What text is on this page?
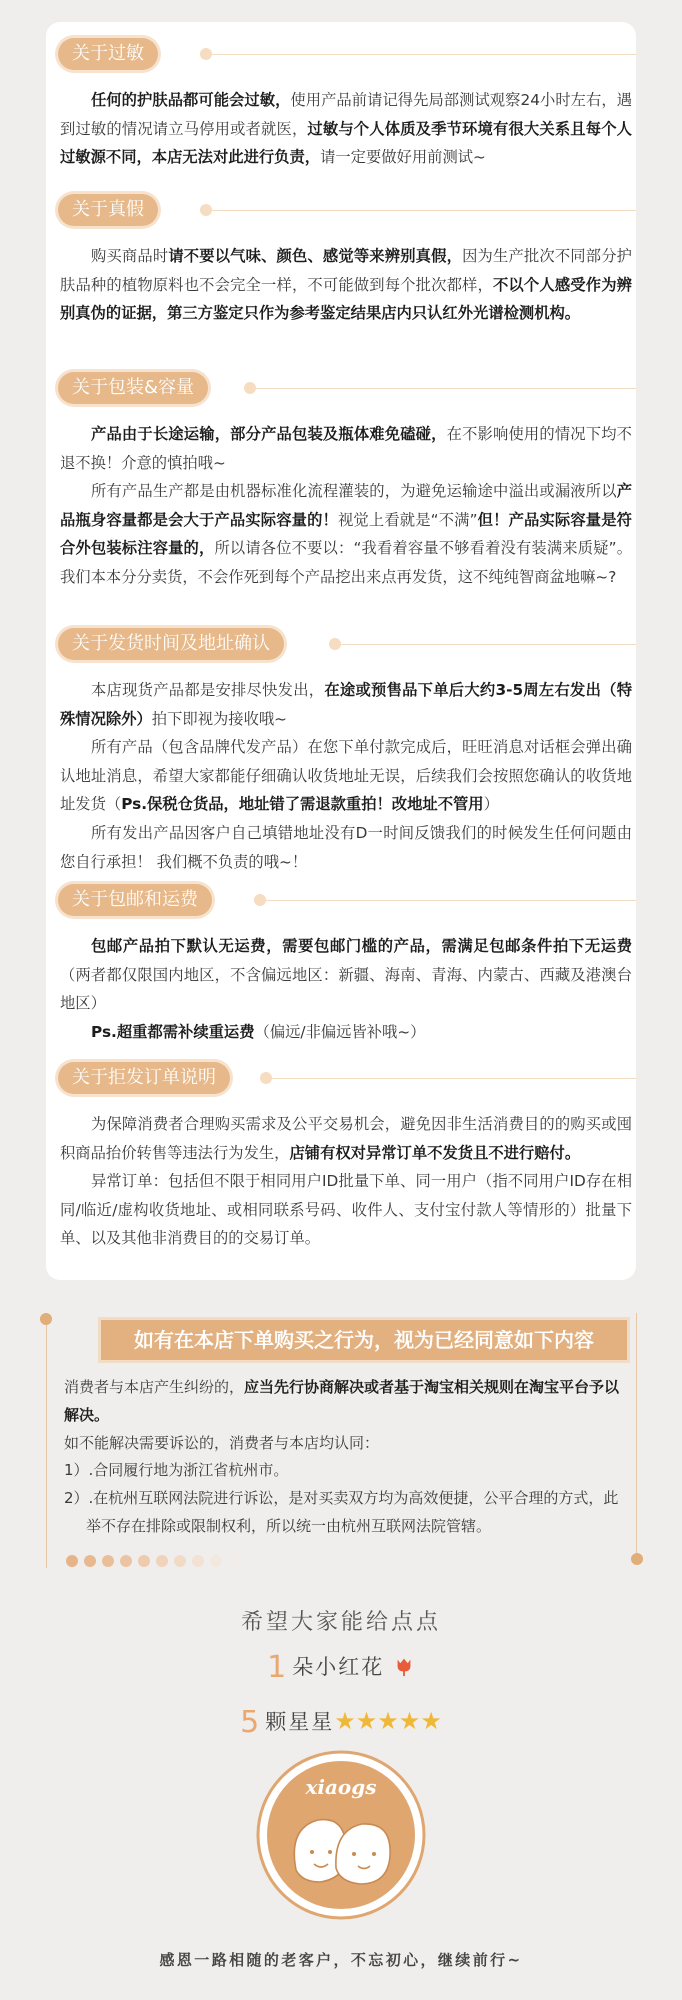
关于过敏

任何的护肤品都可能会过敏，使用产品前请记得先局部测试观察24小时左右，遇到过敏的情况请立马停用或者就医，过敏与个人体质及季节环境有很大关系且每个人过敏源不同，本店无法对此进行负责，请一定要做好用前测试~

关于真假

购买商品时请不要以气味、颜色、感觉等来辨别真假，因为生产批次不同部分护肤品种的植物原料也不会完全一样，不可能做到每个批次都样，不以个人感受作为辨别真伪的证据，第三方鉴定只作为参考鉴定结果店内只认红外光谱检测机构。

关于包装&容量

产品由于长途运输，部分产品包装及瓶体难免磕碰，在不影响使用的情况下均不退不换！介意的慎拍哦~

所有产品生产都是由机器标准化流程灌装的，为避免运输途中溢出或漏液所以产品瓶身容量都是会大于产品实际容量的！视觉上看就是“不满”但！产品实际容量是符合外包装标注容量的，所以请各位不要以：“我看着容量不够看着没有装满来质疑”。我们本本分分卖货，不会作死到每个产品挖出来点再发货，这不纯纯智商盆地嘛~?

关于发货时间及地址确认

本店现货产品都是安排尽快发出，在途或预售品下单后大约3-5周左右发出（特殊情况除外）拍下即视为接收哦~

所有产品（包含品牌代发产品）在您下单付款完成后，旺旺消息对话框会弹出确认地址消息，希望大家都能仔细确认收货地址无误，后续我们会按照您确认的收货地址发货（Ps.保税仓货品，地址错了需退款重拍！改地址不管用）

所有发出产品因客户自己填错地址没有D一时间反馈我们的时候发生任何问题由您自行承担！ 我们概不负责的哦~！

关于包邮和运费

包邮产品拍下默认无运费，需要包邮门槛的产品，需满足包邮条件拍下无运费（两者都仅限国内地区，不含偏远地区：新疆、海南、青海、内蒙古、西藏及港澳台地区）

Ps.超重都需补续重运费（偏远/非偏远皆补哦~）

关于拒发订单说明

为保障消费者合理购买需求及公平交易机会，避免因非生活消费目的的购买或囤积商品抬价转售等违法行为发生，店铺有权对异常订单不发货且不进行赔付。

异常订单：包括但不限于相同用户ID批量下单、同一用户（指不同用户ID存在相同/临近/虚构收货地址、或相同联系号码、收件人、支付宝付款人等情形的）批量下单、以及其他非消费目的的交易订单。

如有在本店下单购买之行为，视为已经同意如下内容

消费者与本店产生纠纷的，应当先行协商解决或者基于淘宝相关规则在淘宝平台予以解决。

如不能解决需要诉讼的，消费者与本店均认同：

1）.合同履行地为浙江省杭州市。

2）.在杭州互联网法院进行诉讼，是对买卖双方均为高效便捷，公平合理的方式，此举不存在排除或限制权利，所以统一由杭州互联网法院管辖。

希望大家能给点点
1 朵小红花
5 颗星星★★★★★
xiaogs
感恩一路相随的老客户，不忘初心，继续前行~
